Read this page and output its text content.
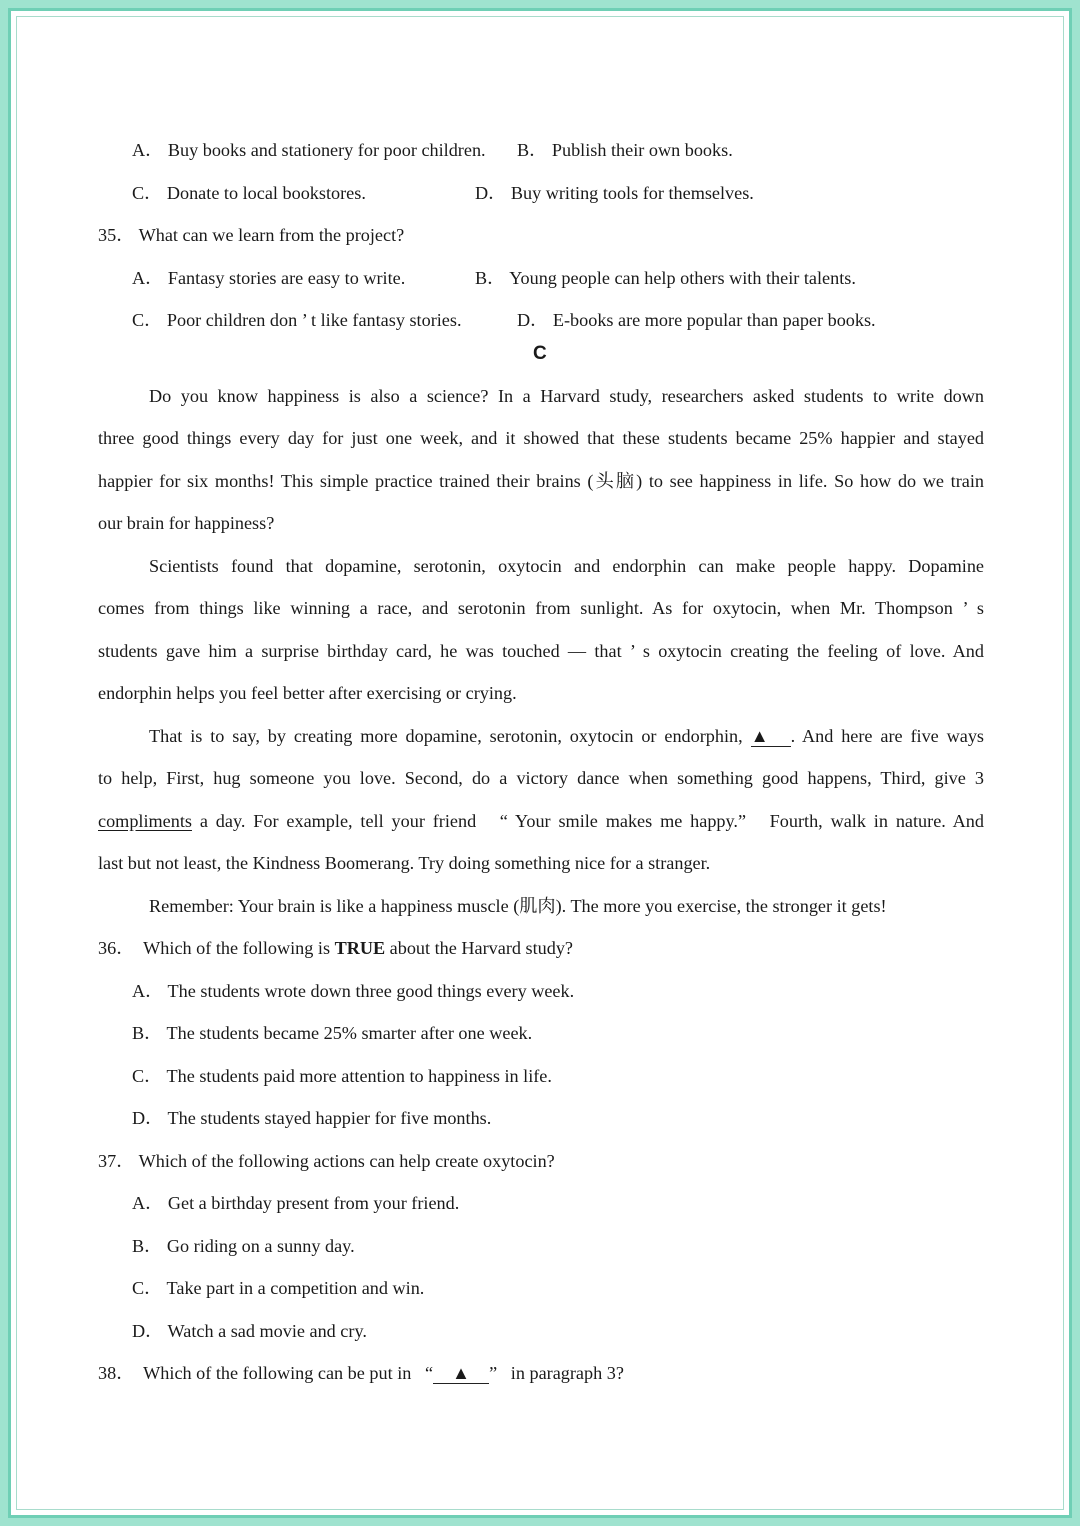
A． Buy books and stationery for poor children. B． Publish their own books.
C． Donate to local bookstores.	D． Buy writing tools for themselves.
35． What can we learn from the project?
A． Fantasy stories are easy to write.	B． Young people can help others with their talents.
C． Poor children don ’ t like fantasy stories.	D． E-books are more popular than paper books.
C
Do you know happiness is also a science? In a Harvard study, researchers asked students to write down
three good things every day for just one week, and it showed that these students became 25% happier and stayed
happier for six months! This simple practice trained their brains (头脑) to see happiness in life. So how do we train
our brain for happiness?
Scientists found that dopamine, serotonin, oxytocin and endorphin can make people happy. Dopamine
comes from things like winning a race, and serotonin from sunlight. As for oxytocin, when Mr. Thompson ’ s
students gave him a surprise birthday card, he was touched — that ’ s oxytocin creating the feeling of love. And
endorphin helps you feel better after exercising or crying.
That is to say, by creating more dopamine, serotonin, oxytocin or endorphin, ▲ . And here are five ways
to help, First, hug someone you love. Second, do a victory dance when something good happens, Third, give 3
compliments a day. For example, tell your friend   “ Your smile makes me happy.”   Fourth, walk in nature. And
last but not least, the Kindness Boomerang. Try doing something nice for a stranger.
Remember: Your brain is like a happiness muscle (肌肉). The more you exercise, the stronger it gets!
36．  Which of the following is TRUE about the Harvard study?
A． The students wrote down three good things every week.
B． The students became 25% smarter after one week.
C． The students paid more attention to happiness in life.
D． The students stayed happier for five months.
37． Which of the following actions can help create oxytocin?
A． Get a birthday present from your friend.
B． Go riding on a sunny day.
C． Take part in a competition and win.
D． Watch a sad movie and cry.
38．  Which of the following can be put in   “ ▲ ”   in paragraph 3?
